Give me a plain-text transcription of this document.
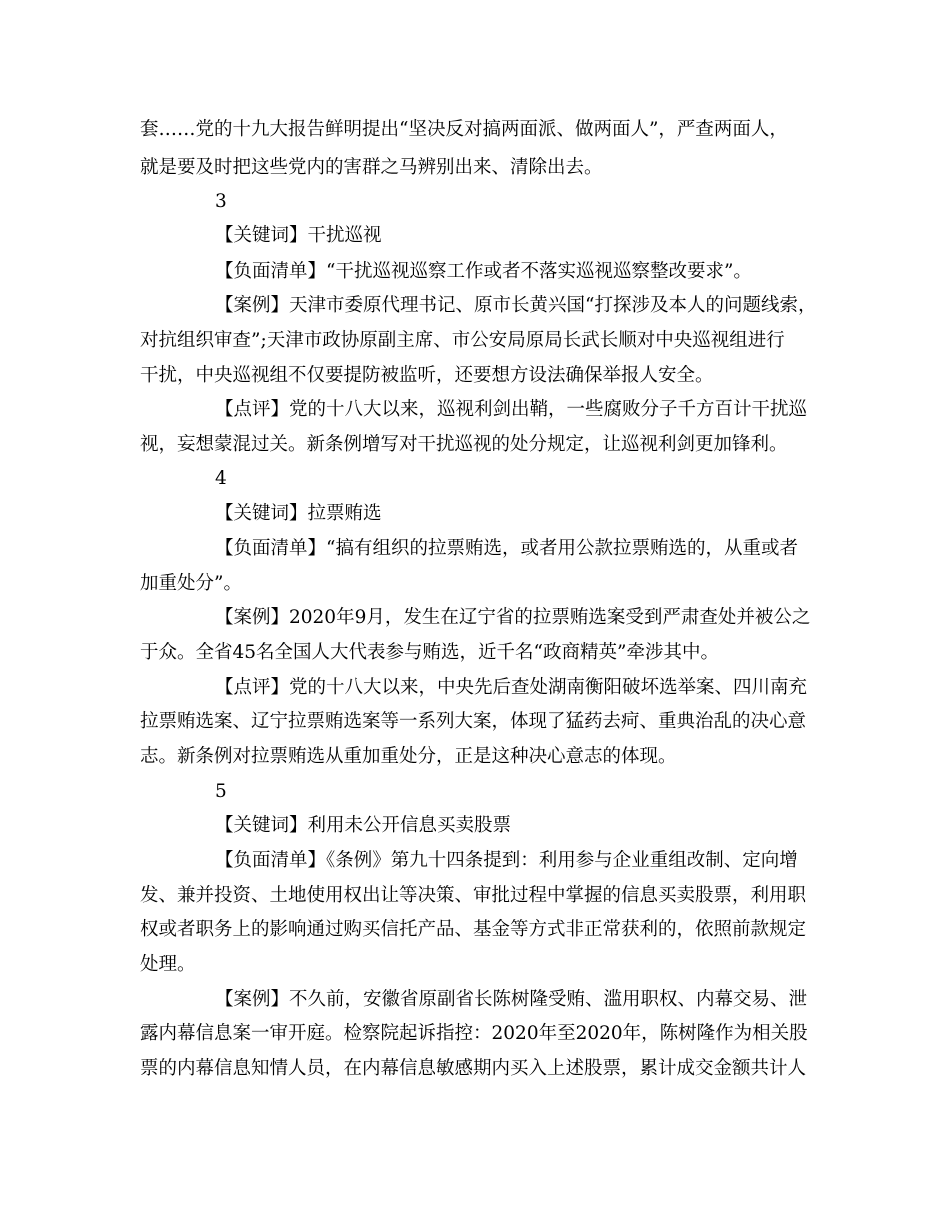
套……党的十九大报告鲜明提出“坚决反对搞两面派、做两面人”，严查两面人，
就是要及时把这些党内的害群之马辨别出来、清除出去。
3
【关键词】干扰巡视
【负面清单】“干扰巡视巡察工作或者不落实巡视巡察整改要求”。
【案例】天津市委原代理书记、原市长黄兴国“打探涉及本人的问题线索，
对抗组织审查”;天津市政协原副主席、市公安局原局长武长顺对中央巡视组进行
干扰，中央巡视组不仅要提防被监听，还要想方设法确保举报人安全。
【点评】党的十八大以来，巡视利剑出鞘，一些腐败分子千方百计干扰巡
视，妄想蒙混过关。新条例增写对干扰巡视的处分规定，让巡视利剑更加锋利。
4
【关键词】拉票贿选
【负面清单】“搞有组织的拉票贿选，或者用公款拉票贿选的，从重或者
加重处分”。
【案例】2020年9月，发生在辽宁省的拉票贿选案受到严肃查处并被公之
于众。全省45名全国人大代表参与贿选，近千名“政商精英”牵涉其中。
【点评】党的十八大以来，中央先后查处湖南衡阳破坏选举案、四川南充
拉票贿选案、辽宁拉票贿选案等一系列大案，体现了猛药去疴、重典治乱的决心意
志。新条例对拉票贿选从重加重处分，正是这种决心意志的体现。
5
【关键词】利用未公开信息买卖股票
【负面清单】《条例》第九十四条提到：利用参与企业重组改制、定向增
发、兼并投资、土地使用权出让等决策、审批过程中掌握的信息买卖股票，利用职
权或者职务上的影响通过购买信托产品、基金等方式非正常获利的，依照前款规定
处理。
【案例】不久前，安徽省原副省长陈树隆受贿、滥用职权、内幕交易、泄
露内幕信息案一审开庭。检察院起诉指控：2020年至2020年，陈树隆作为相关股
票的内幕信息知情人员，在内幕信息敏感期内买入上述股票，累计成交金额共计人
